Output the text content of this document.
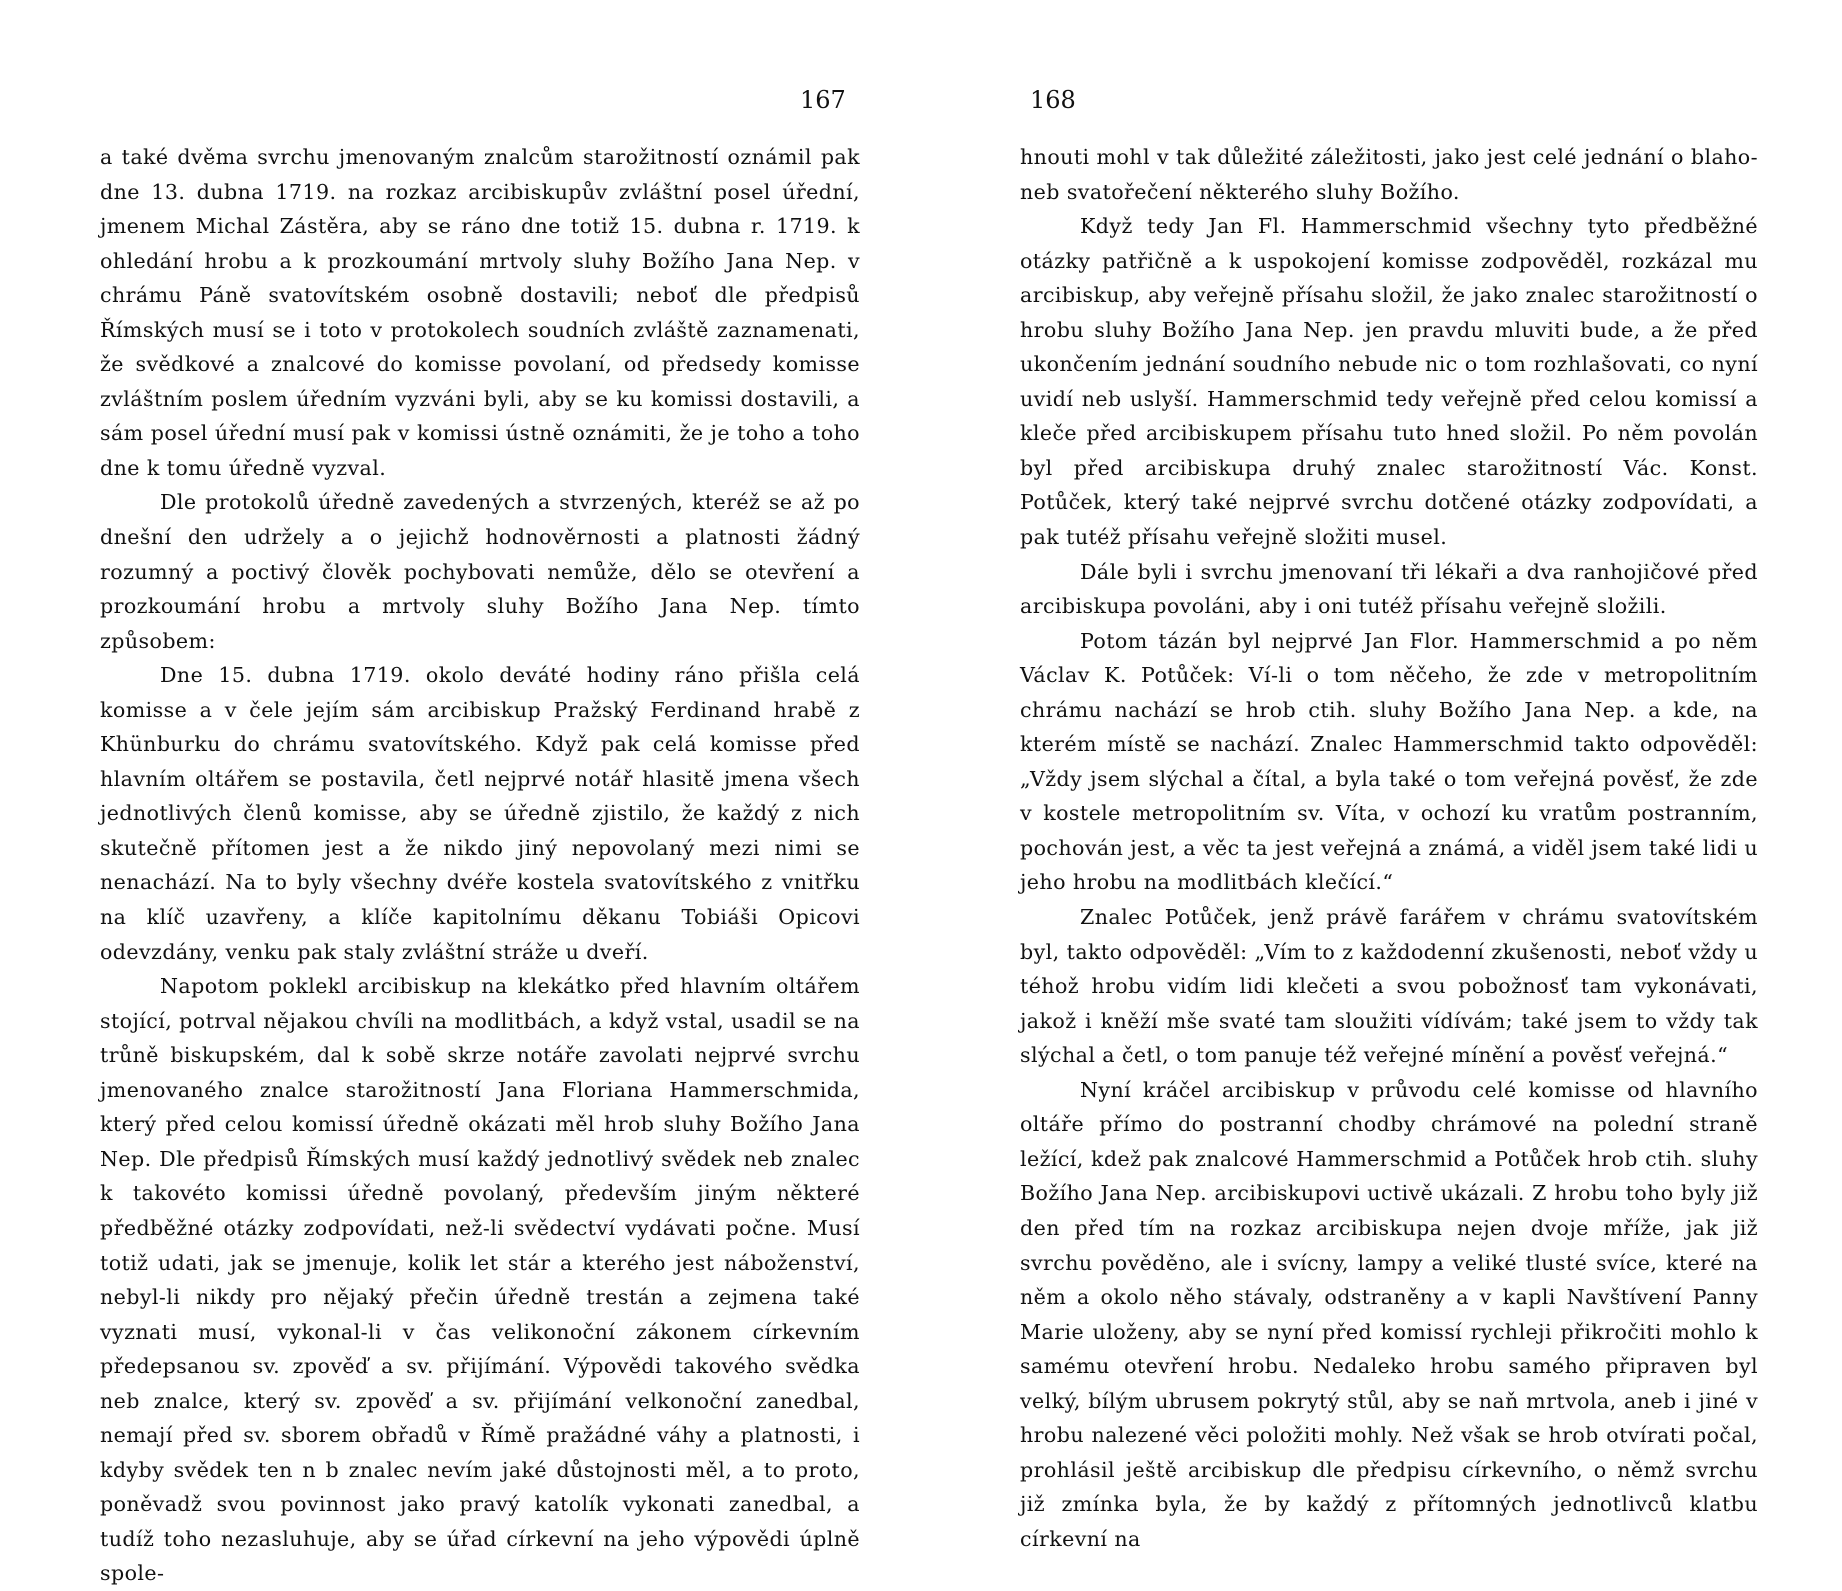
167

a také dvěma svrchu jmenovaným znalcům starožitností oznámil pak dne 13. dubna 1719. na rozkaz arcibiskupův zvláštní posel úřední, jmenem Michal Zástěra, aby se ráno dne totiž 15. dubna r. 1719. k ohledání hrobu a k prozkoumání mrtvoly sluhy Božího Jana Nep. v chrámu Páně svatovítském osobně dostavili; neboť dle předpisů Římských musí se i toto v protokolech soudních zvláště zaznamenati, že svědkové a znalcové do komisse povolaní, od předsedy komisse zvláštním poslem úředním vyzváni byli, aby se ku komissi dostavili, a sám posel úřední musí pak v komissi ústně oznámiti, že je toho a toho dne k tomu úředně vyzval.

Dle protokolů úředně zavedených a stvrzených, kteréž se až po dnešní den udržely a o jejichž hodnověrnosti a platnosti žádný rozumný a poctivý člověk pochybovati nemůže, dělo se otevření a prozkoumání hrobu a mrtvoly sluhy Božího Jana Nep. tímto způsobem:

Dne 15. dubna 1719. okolo deváté hodiny ráno přišla celá komisse a v čele jejím sám arcibiskup Pražský Ferdinand hrabě z Khünburku do chrámu svatovítského. Když pak celá komisse před hlavním oltářem se postavila, četl nejprvé notář hlasitě jmena všech jednotlivých členů komisse, aby se úředně zjistilo, že každý z nich skutečně přítomen jest a že nikdo jiný nepovolaný mezi nimi se nenachází. Na to byly všechny dvéře kostela svatovítského z vnitřku na klíč uzavřeny, a klíče kapitolnímu děkanu Tobiáši Opicovi odevzdány, venku pak staly zvláštní stráže u dveří.

Napotom poklekl arcibiskup na klekátko před hlavním oltářem stojící, potrval nějakou chvíli na modlitbách, a když vstal, usadil se na trůně biskupském, dal k sobě skrze notáře zavolati nejprvé svrchu jmenovaného znalce starožitností Jana Floriana Hammerschmida, který před celou komissí úředně okázati měl hrob sluhy Božího Jana Nep. Dle předpisů Římských musí každý jednotlivý svědek neb znalec k takovéto komissi úředně povolaný, především jiným některé předběžné otázky zodpovídati, než-li svědectví vydávati počne. Musí totiž udati, jak se jmenuje, kolik let stár a kterého jest náboženství, nebyl-li nikdy pro nějaký přečin úředně trestán a zejmena také vyznati musí, vykonal-li v čas velikonoční zákonem církevním předepsanou sv. zpověď a sv. přijímání. Výpovědi takového svědka neb znalce, který sv. zpověď a sv. přijímání velkonoční zanedbal, nemají před sv. sborem obřadů v Římě pražádné váhy a platnosti, i kdyby svědek ten n b znalec nevím jaké důstojnosti měl, a to proto, poněvadž svou povinnost jako pravý katolík vykonati zanedbal, a tudíž toho nezasluhuje, aby se úřad církevní na jeho výpovědi úplně spole-

168

hnouti mohl v tak důležité záležitosti, jako jest celé jednání o blaho- neb svatořečení některého sluhy Božího.

Když tedy Jan Fl. Hammerschmid všechny tyto předběžné otázky patřičně a k uspokojení komisse zodpověděl, rozkázal mu arcibiskup, aby veřejně přísahu složil, že jako znalec starožitností o hrobu sluhy Božího Jana Nep. jen pravdu mluviti bude, a že před ukončením jednání soudního nebude nic o tom rozhlašovati, co nyní uvidí neb uslyší. Hammerschmid tedy veřejně před celou komissí a kleče před arcibiskupem přísahu tuto hned složil. Po něm povolán byl před arcibiskupa druhý znalec starožitností Vác. Konst. Potůček, který také nejprvé svrchu dotčené otázky zodpovídati, a pak tutéž přísahu veřejně složiti musel.

Dále byli i svrchu jmenovaní tři lékaři a dva ranhojičové před arcibiskupa povoláni, aby i oni tutéž přísahu veřejně složili.

Potom tázán byl nejprvé Jan Flor. Hammerschmid a po něm Václav K. Potůček: Ví-li o tom něčeho, že zde v metropolitním chrámu nachází se hrob ctih. sluhy Božího Jana Nep. a kde, na kterém místě se nachází. Znalec Hammerschmid takto odpověděl: „Vždy jsem slýchal a čítal, a byla také o tom veřejná pověsť, že zde v kostele metropolitním sv. Víta, v ochozí ku vratům postranním, pochován jest, a věc ta jest veřejná a známá, a viděl jsem také lidi u jeho hrobu na modlitbách klečící.“

Znalec Potůček, jenž právě farářem v chrámu svatovítském byl, takto odpověděl: „Vím to z každodenní zkušenosti, neboť vždy u téhož hrobu vidím lidi klečeti a svou pobožnosť tam vykonávati, jakož i kněží mše svaté tam sloužiti vídívám; také jsem to vždy tak slýchal a četl, o tom panuje též veřejné mínění a pověsť veřejná.“

Nyní kráčel arcibiskup v průvodu celé komisse od hlavního oltáře přímo do postranní chodby chrámové na polední straně ležící, kdež pak znalcové Hammerschmid a Potůček hrob ctih. sluhy Božího Jana Nep. arcibiskupovi uctivě ukázali. Z hrobu toho byly již den před tím na rozkaz arcibiskupa nejen dvoje mříže, jak již svrchu pověděno, ale i svícny, lampy a veliké tlusté svíce, které na něm a okolo něho stávaly, odstraněny a v kapli Navštívení Panny Marie uloženy, aby se nyní před komissí rychleji přikročiti mohlo k samému otevření hrobu. Nedaleko hrobu samého připraven byl velký, bílým ubrusem pokrytý stůl, aby se naň mrtvola, aneb i jiné v hrobu nalezené věci položiti mohly. Než však se hrob otvírati počal, prohlásil ještě arcibiskup dle předpisu církevního, o němž svrchu již zmínka byla, že by každý z přítomných jednotlivců klatbu církevní na
